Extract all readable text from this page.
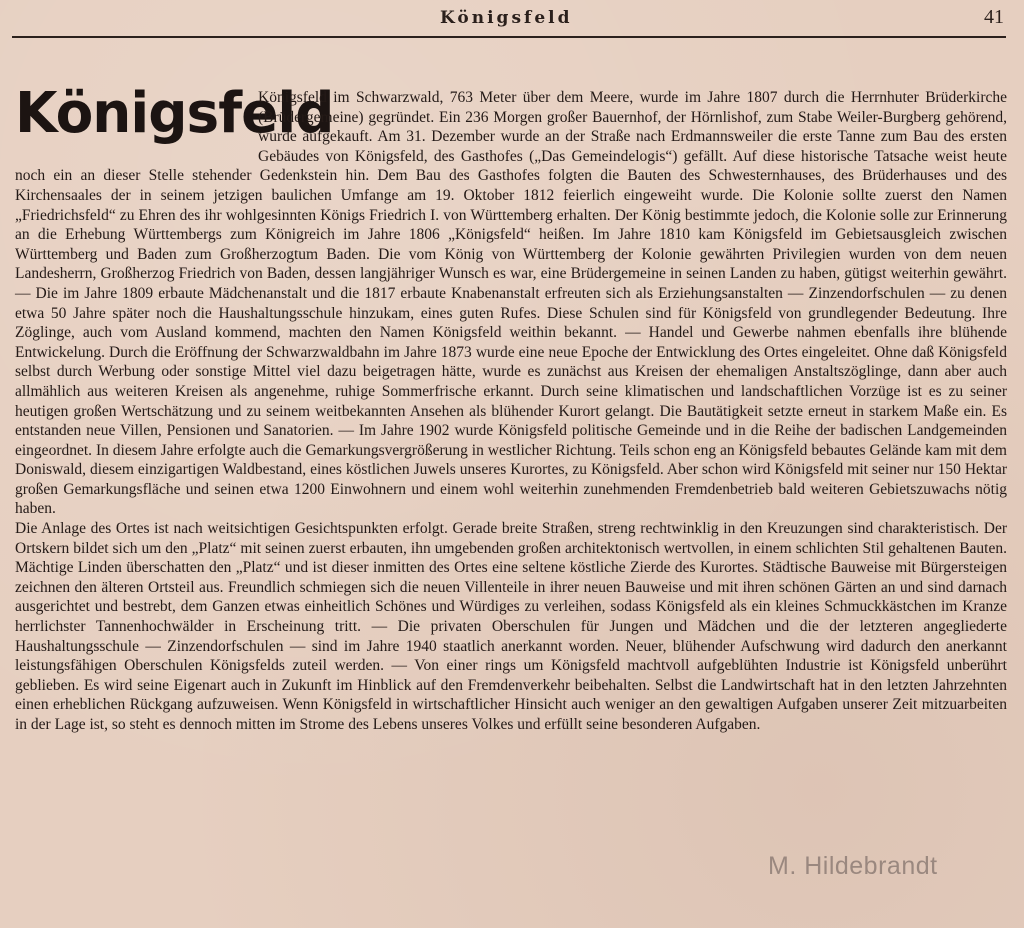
Königsfeld	41
Königsfeld

Königsfeld im Schwarzwald, 763 Meter über dem Meere, wurde im Jahre 1807 durch die Herrnhuter Brüderkirche (Brüdergemeine) gegründet. Ein 236 Morgen großer Bauernhof, der Hörnlishof, zum Stabe Weiler-Burgberg gehörend, wurde aufgekauft. Am 31. Dezember wurde an der Straße nach Erdmannsweiler die erste Tanne zum Bau des ersten Gebäudes von Königsfeld, des Gasthofes („Das Gemeindelogis“) gefällt. Auf diese historische Tatsache weist heute noch ein an dieser Stelle stehender Gedenkstein hin. Dem Bau des Gasthofes folgten die Bauten des Schwesternhauses, des Brüderhauses und des Kirchensaales der in seinem jetzigen baulichen Umfange am 19. Oktober 1812 feierlich eingeweiht wurde. Die Kolonie sollte zuerst den Namen „Friedrichsfeld“ zu Ehren des ihr wohlgesinnten Königs Friedrich I. von Württemberg erhalten. Der König bestimmte jedoch, die Kolonie solle zur Erinnerung an die Erhebung Württembergs zum Königreich im Jahre 1806 „Königsfeld“ heißen. Im Jahre 1810 kam Königsfeld im Gebietsausgleich zwischen Württemberg und Baden zum Großherzogtum Baden. Die vom König von Württemberg der Kolonie gewährten Privilegien wurden von dem neuen Landesherrn, Großherzog Friedrich von Baden, dessen langjähriger Wunsch es war, eine Brüdergemeine in seinen Landen zu haben, gütigst weiterhin gewährt. — Die im Jahre 1809 erbaute Mädchenanstalt und die 1817 erbaute Knabenanstalt erfreuten sich als Erziehungsanstalten — Zinzendorfschulen — zu denen etwa 50 Jahre später noch die Haushaltungsschule hinzukam, eines guten Rufes. Diese Schulen sind für Königsfeld von grundlegender Bedeutung. Ihre Zöglinge, auch vom Ausland kommend, machten den Namen Königsfeld weithin bekannt. — Handel und Gewerbe nahmen ebenfalls ihre blühende Entwickelung. Durch die Eröffnung der Schwarzwaldbahn im Jahre 1873 wurde eine neue Epoche der Entwicklung des Ortes eingeleitet. Ohne daß Königsfeld selbst durch Werbung oder sonstige Mittel viel dazu beigetragen hätte, wurde es zunächst aus Kreisen der ehemaligen Anstaltszöglinge, dann aber auch allmählich aus weiteren Kreisen als angenehme, ruhige Sommerfrische erkannt. Durch seine klimatischen und landschaftlichen Vorzüge ist es zu seiner heutigen großen Wertschätzung und zu seinem weitbekannten Ansehen als blühender Kurort gelangt. Die Bautätigkeit setzte erneut in starkem Maße ein. Es entstanden neue Villen, Pensionen und Sanatorien. — Im Jahre 1902 wurde Königsfeld politische Gemeinde und in die Reihe der badischen Landgemeinden eingeordnet. In diesem Jahre erfolgte auch die Gemarkungsvergrößerung in westlicher Richtung. Teils schon eng an Königsfeld bebautes Gelände kam mit dem Doniswald, diesem einzigartigen Waldbestand, eines köstlichen Juwels unseres Kurortes, zu Königsfeld. Aber schon wird Königsfeld mit seiner nur 150 Hektar großen Gemarkungsfläche und seinen etwa 1200 Einwohnern und einem wohl weiterhin zunehmenden Fremdenbetrieb bald weiteren Gebietszuwachs nötig haben.

Die Anlage des Ortes ist nach weitsichtigen Gesichtspunkten erfolgt. Gerade breite Straßen, streng rechtwinklig in den Kreuzungen sind charakteristisch. Der Ortskern bildet sich um den „Platz“ mit seinen zuerst erbauten, ihn umgebenden großen architektonisch wertvollen, in einem schlichten Stil gehaltenen Bauten. Mächtige Linden überschatten den „Platz“ und ist dieser inmitten des Ortes eine seltene köstliche Zierde des Kurortes. Städtische Bauweise mit Bürgersteigen zeichnen den älteren Ortsteil aus. Freundlich schmiegen sich die neuen Villenteile in ihrer neuen Bauweise und mit ihren schönen Gärten an und sind darnach ausgerichtet und bestrebt, dem Ganzen etwas einheitlich Schönes und Würdiges zu verleihen, sodass Königsfeld als ein kleines Schmuckkästchen im Kranze herrlichster Tannenhochwälder in Erscheinung tritt. — Die privaten Oberschulen für Jungen und Mädchen und die der letzteren angegliederte Haushaltungsschule — Zinzendorfschulen — sind im Jahre 1940 staatlich anerkannt worden. Neuer, blühender Aufschwung wird dadurch den anerkannt leistungsfähigen Oberschulen Königsfelds zuteil werden. — Von einer rings um Königsfeld machtvoll aufgeblühten Industrie ist Königsfeld unberührt geblieben. Es wird seine Eigenart auch in Zukunft im Hinblick auf den Fremdenverkehr beibehalten. Selbst die Landwirtschaft hat in den letzten Jahrzehnten einen erheblichen Rückgang aufzuweisen. Wenn Königsfeld in wirtschaftlicher Hinsicht auch weniger an den gewaltigen Aufgaben unserer Zeit mitzuarbeiten in der Lage ist, so steht es dennoch mitten im Strome des Lebens unseres Volkes und erfüllt seine besonderen Aufgaben.

M. Hildebrandt
